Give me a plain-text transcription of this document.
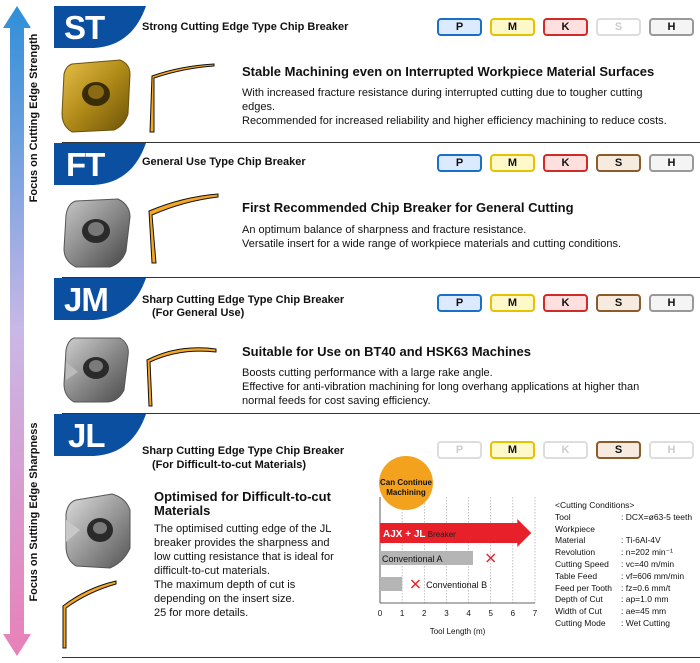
Focus on Cutting Edge Strength
Focus on Sutting Edge Sharpness
ST	Strong Cutting Edge Type Chip Breaker	P	M	K	S	H
Stable Machining even on Interrupted Workpiece Material Surfaces
With increased fracture resistance during interrupted cutting due to tougher cutting
edges.
Recommended for increased reliability and higher efficiency machining to reduce costs.
FT	General Use Type Chip Breaker	P	M	K	S	H
First Recommended Chip Breaker for General Cutting
An optimum balance of sharpness and fracture resistance.
Versatile insert for a wide range of workpiece materials and cutting conditions.
JM	Sharp Cutting Edge Type Chip Breaker
(For General Use)
P	M	K	S	H
Suitable for Use on BT40 and HSK63 Machines
Boosts cutting performance with a large rake angle.
Effective for anti-vibration machining for long overhang applications at higher than
normal feeds for cost saving efficiency.
JL	Sharp Cutting Edge Type Chip Breaker
(For Difficult-to-cut Materials)
P	M	K	S	H
Optimised for Difficult-to-cut
Materials
The optimised cutting edge of the JL
breaker provides the sharpness and
low cutting resistance that is ideal for
difficult-to-cut materials.
The maximum depth of cut is
depending on the insert size.
25 for more details.	0 1 2 3 4 5 6 7
Tool Length (m)
Can Continue
Machining
AJX + JL Breaker
Conventional A
Conventional B
<Cutting Conditions>
Tool	: DCX=ø63-5 teeth
Workpiece
Material	: Ti-6Al-4V
Revolution	: n=202 min⁻¹
Cutting Speed : vc=40 m/min
Table Feed	: vf=606 mm/min
Feed per Tooth : fz=0.6 mm/t
Depth of Cut : ap=1.0 mm
Width of Cut : ae=45 mm
Cutting Mode : Wet Cutting
